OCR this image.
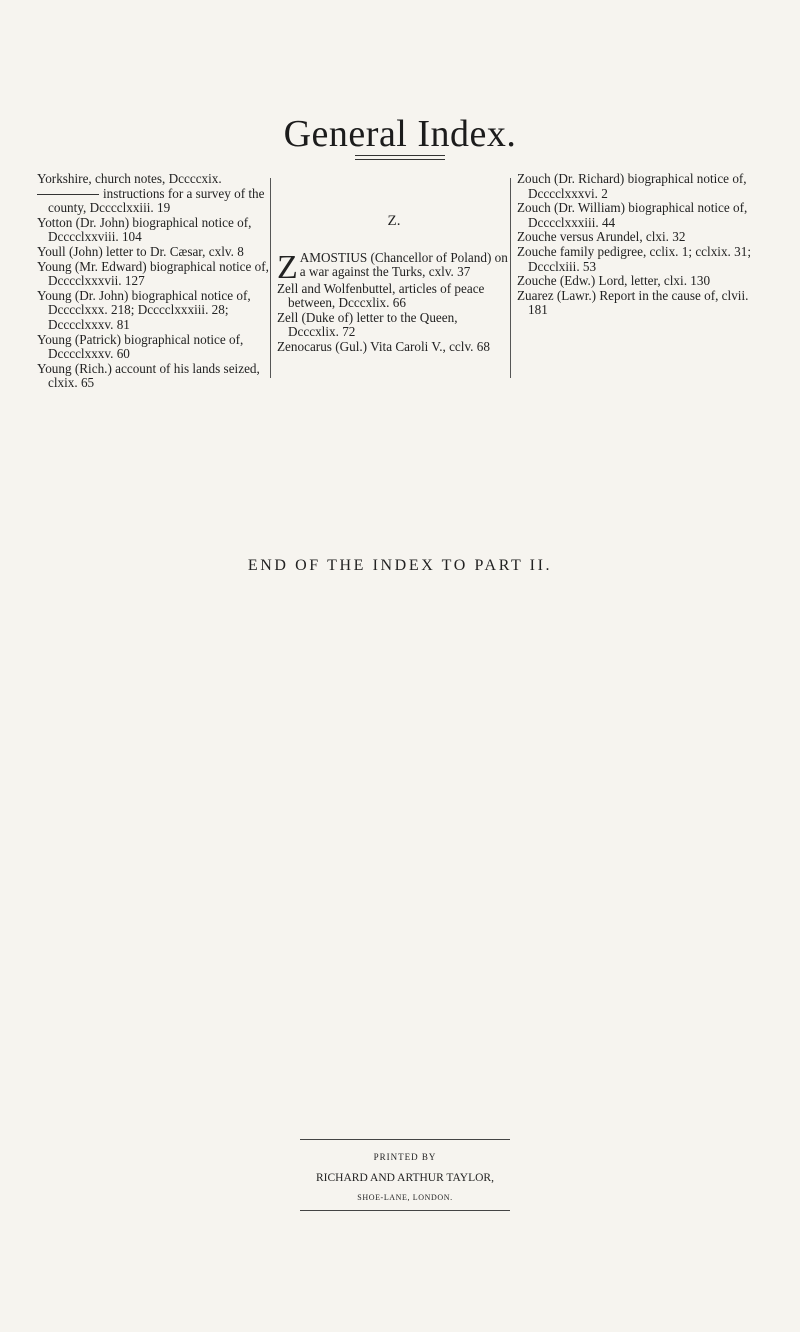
General Index.

Yorkshire, church notes, Dccccxix.

instructions for a survey of the county, Dcccclxxiii. 19

Yotton (Dr. John) biographical notice of, Dcccclxxviii. 104

Youll (John) letter to Dr. Cæsar, cxlv. 8

Young (Mr. Edward) biographical notice of, Dcccclxxxvii. 127

Young (Dr. John) biographical notice of, Dcccclxxx. 218; Dcccclxxxiii. 28; Dcccclxxxv. 81

Young (Patrick) biographical notice of, Dcccclxxxv. 60

Young (Rich.) account of his lands seized, clxix. 65

Z.

ZAMOSTIUS (Chancellor of Poland) on a war against the Turks, cxlv. 37

Zell and Wolfenbuttel, articles of peace between, Dcccxlix. 66

Zell (Duke of) letter to the Queen, Dcccxlix. 72

Zenocarus (Gul.) Vita Caroli V., cclv. 68

Zouch (Dr. Richard) biographical notice of, Dcccclxxxvi. 2

Zouch (Dr. William) biographical notice of, Dcccclxxxiii. 44

Zouche versus Arundel, clxi. 32

Zouche family pedigree, cclix. 1; cclxix. 31; Dccclxiii. 53

Zouche (Edw.) Lord, letter, clxi. 130

Zuarez (Lawr.) Report in the cause of, clvii. 181

END OF THE INDEX TO PART II.
PRINTED BY
RICHARD AND ARTHUR TAYLOR,
SHOE-LANE, LONDON.
